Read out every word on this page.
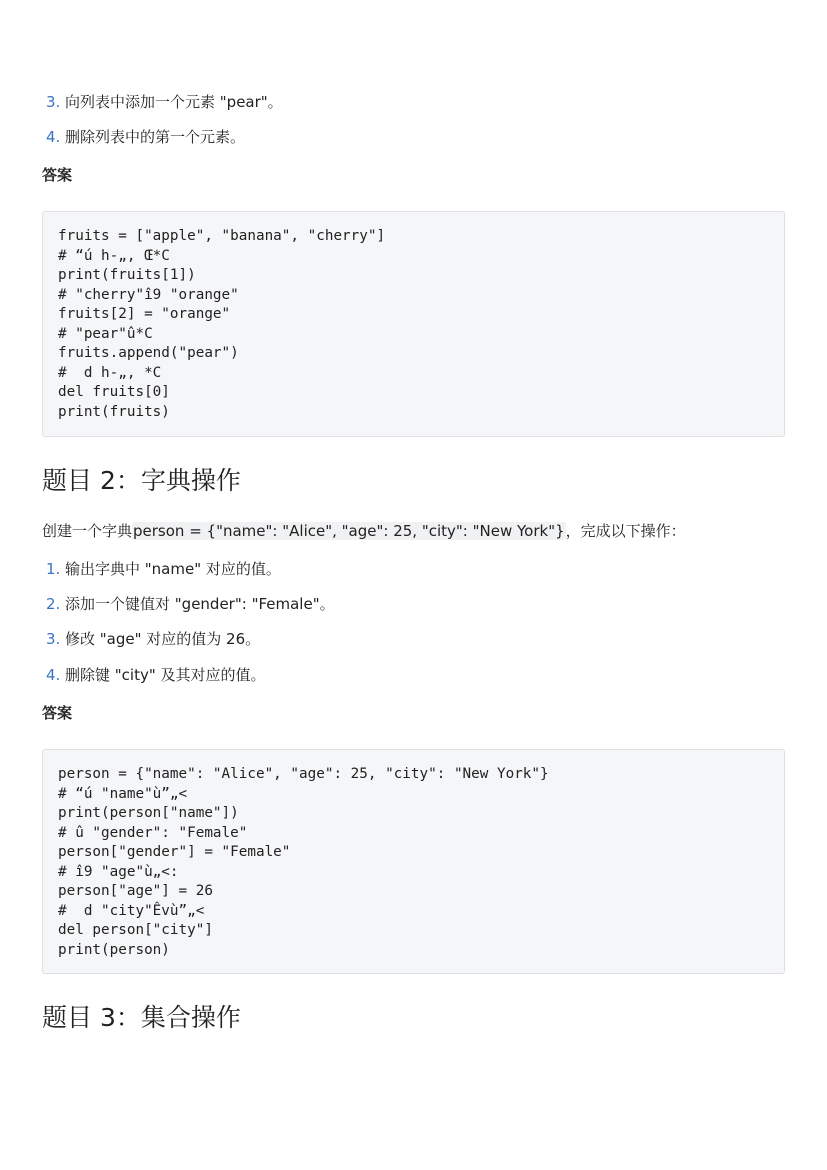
3. 向列表中添加一个元素 "pear"。
4. 删除列表中的第一个元素。
答案
fruits = ["apple", "banana", "cherry"]
# “ú h-„, Œ*C
print(fruits[1])
# "cherry"î9 "orange"
fruits[2] = "orange"
# "pear"û*C
fruits.append("pear")
#  d h-„, *C
del fruits[0]
print(fruits)
题目 2：字典操作
创建一个字典person = {"name": "Alice", "age": 25, "city": "New York"}，完成以下操作：
1. 输出字典中 "name" 对应的值。
2. 添加一个键值对 "gender": "Female"。
3. 修改 "age" 对应的值为 26。
4. 删除键 "city" 及其对应的值。
答案
person = {"name": "Alice", "age": 25, "city": "New York"}
# “ú "name"ù”„<
print(person["name"])
# û "gender": "Female"
person["gender"] = "Female"
# î9 "age"ù„<:
person["age"] = 26
#  d "city"Êvù”„<
del person["city"]
print(person)
题目 3：集合操作
